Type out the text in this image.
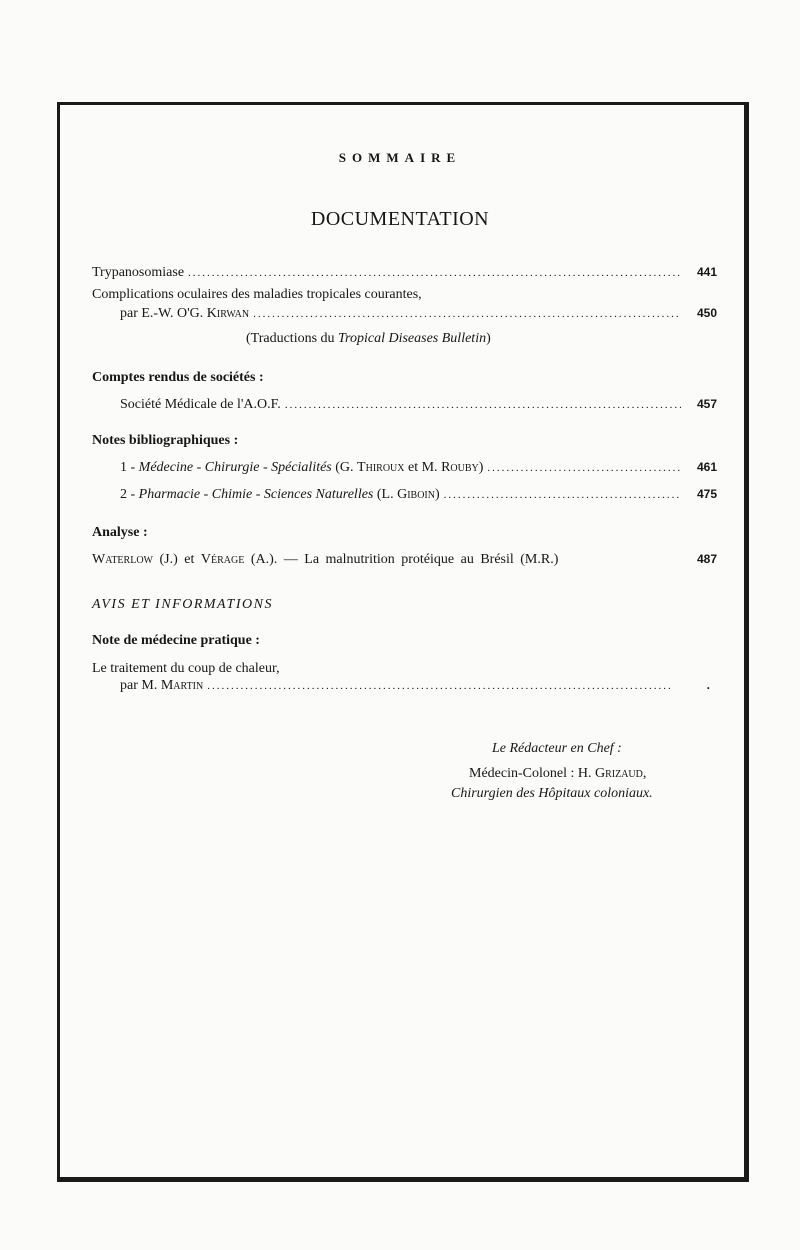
SOMMAIRE
DOCUMENTATION
Trypanosomiase .....	441
Complications oculaires des maladies tropicales courantes,
par E.-W. O'G. Kirwan .....	450
(Traductions du Tropical Diseases Bulletin)
Comptes rendus de sociétés :
Société Médicale de l'A.O.F. .....	457
Notes bibliographiques :
1 - Médecine - Chirurgie - Spécialités (G. Thiroux et M. Rouby) .....	461
2 - Pharmacie - Chimie - Sciences Naturelles (L. Giboin) .....	475
Analyse :
Waterlow (J.) et Vérage (A.). — La malnutrition protéique au Brésil (M.R.)	487
AVIS ET INFORMATIONS
Note de médecine pratique :
Le traitement du coup de chaleur,
par M. Martin .....	.
Le Rédacteur en Chef :
Médecin-Colonel : H. Grizaud,
Chirurgien des Hôpitaux coloniaux.
